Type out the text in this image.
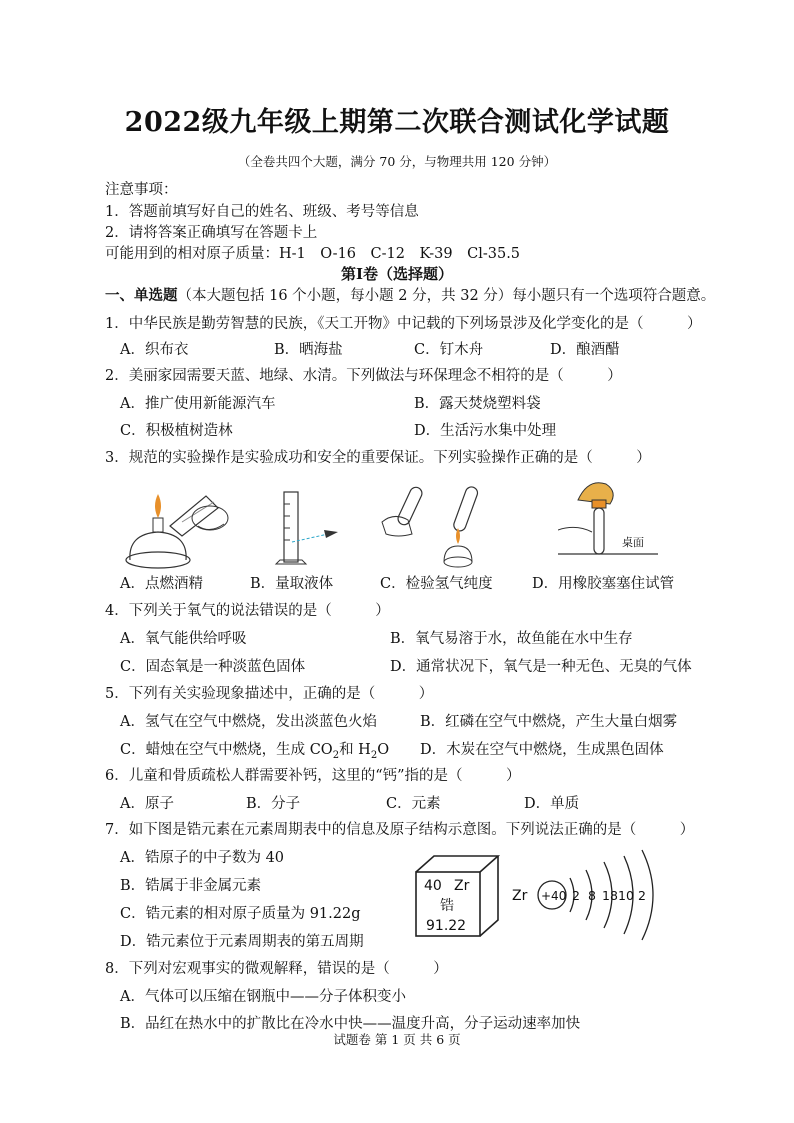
2022级九年级上期第二次联合测试化学试题
（全卷共四个大题，满分 70 分，与物理共用 120 分钟）
注意事项：
1．答题前填写好自己的姓名、班级、考号等信息
2．请将答案正确填写在答题卡上
可能用到的相对原子质量：H-1　O-16　C-12　K-39　Cl-35.5
第Ⅰ卷（选择题）
一、单选题（本大题包括 16 个小题，每小题 2 分，共 32 分）每小题只有一个选项符合题意。
1．中华民族是勤劳智慧的民族，《天工开物》中记载的下列场景涉及化学变化的是（　　　）
A．织布衣	B．晒海盐	C．钉木舟	D．酿酒醋
2．美丽家园需要天蓝、地绿、水清。下列做法与环保理念不相符的是（　　　）
A．推广使用新能源汽车	B．露天焚烧塑料袋
C．积极植树造林	D．生活污水集中处理
3．规范的实验操作是实验成功和安全的重要保证。下列实验操作正确的是（　　　）
桌面
A．点燃酒精	B．量取液体	C．检验氢气纯度	D．用橡胶塞塞住试管
4．下列关于氧气的说法错误的是（　　　）
A．氧气能供给呼吸	B．氧气易溶于水，故鱼能在水中生存
C．固态氧是一种淡蓝色固体	D．通常状况下，氧气是一种无色、无臭的气体
5．下列有关实验现象描述中，正确的是（　　　）
A．氢气在空气中燃烧，发出淡蓝色火焰	B．红磷在空气中燃烧，产生大量白烟雾
C．蜡烛在空气中燃烧，生成 $CO_2$和 $H_2O$ D．木炭在空气中燃烧，生成黑色固体
6．儿童和骨质疏松人群需要补钙，这里的“钙”指的是（　　　）
A．原子	B．分子	C．元素	D．单质
7．如下图是锆元素在元素周期表中的信息及原子结构示意图。下列说法正确的是（　　　）
A．锆原子的中子数为 40
B．锆属于非金属元素
C．锆元素的相对原子质量为 91.22g
D．锆元素位于元素周期表的第五周期
40 Zr
锆
91.22
Zr +40 2 8 18 10 2
8．下列对宏观事实的微观解释，错误的是（　　　）
A．气体可以压缩在钢瓶中——分子体积变小
B．品红在热水中的扩散比在冷水中快——温度升高，分子运动速率加快
试题卷 第 1 页 共 6 页
